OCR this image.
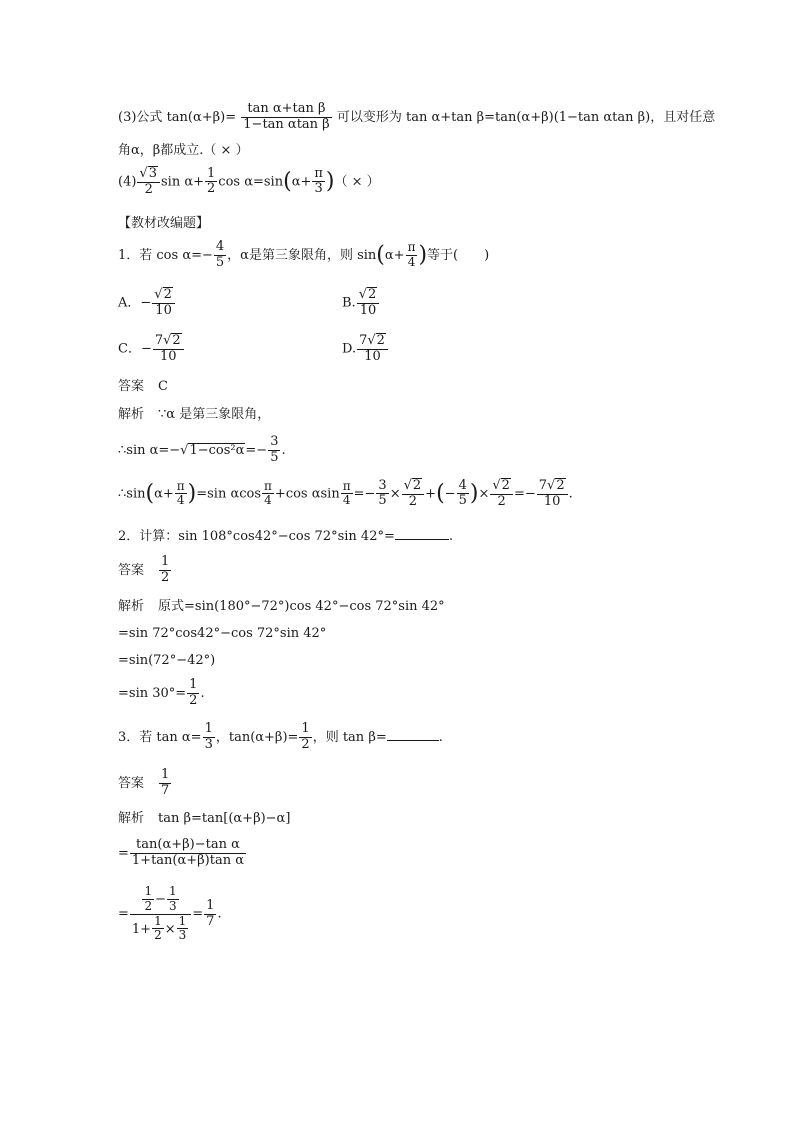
(3)公式 $\tan(\alpha+\beta)= \frac{\text{tan α+tan β}}{\text{1−tan αtan β}}$ 可以变形为 tan α+tan β=tan(α+β)(1−tan αtan β)，且对任意
角α，β都成立.（ × ）
$(4) \frac{√3}{2}$ $\sin \alpha+ \frac{1}{2}$ $\cos \alpha=\sin(\alpha+ \frac{\pi}{3}$ )（ × ）
【教材改编题】
1．若 $\cos \alpha=- \frac{4}{5}$ ，α是第三象限角，则 $\sin(\alpha+ \frac{\pi}{4}$ )等于(　　)
A．− $\frac{√2}{10}$	B. $\frac{√2}{10}$
C．− $\frac{7√2}{10}$	D. $\frac{7√2}{10}$
答案 C
解析 ∵α 是第三象限角，
∴sin $\alpha=-√1-\cos^2\alpha=- \frac{3}{5}$ .
∴sin(α+ $\frac{\pi}{4} )=\sin$ αcos $\frac{\pi}{4} +\cos$ αsin $\frac{\pi}{4} =- \frac{3}{5} \times \frac{√2}{2}$ +(− $\frac{4}{5}$ )× $\frac{√2}{2} =- \frac{7√2}{10}$ .
2．计算：sin 108°cos42°−cos 72°sin 42°=	.
答案 $\frac{1}{2}$
解析 原式=sin(180°−72°)cos 42°−cos 72°sin 42°
=sin 72°cos42°−cos 72°sin 42°
=sin(72°−42°)
=sin $30^\circ= \frac{1}{2}$ .
3．若 $\tan \alpha= \frac{1}{3}$ ，$\tan(\alpha+\beta)= \frac{1}{2}$ ，则 tan β=	.
答案 $\frac{1}{7}$
解析 tan β=tan[(α+β)−α]
= $\frac{\text{tan(α+β)−tan α}}{\text{1+tan(α+β)tan α}}$
= $\frac{\frac{1}{2} - \frac{1}{3}}{1+ \frac{1}{2} \times \frac{1}{3}} = \frac{1}{7}$ .
